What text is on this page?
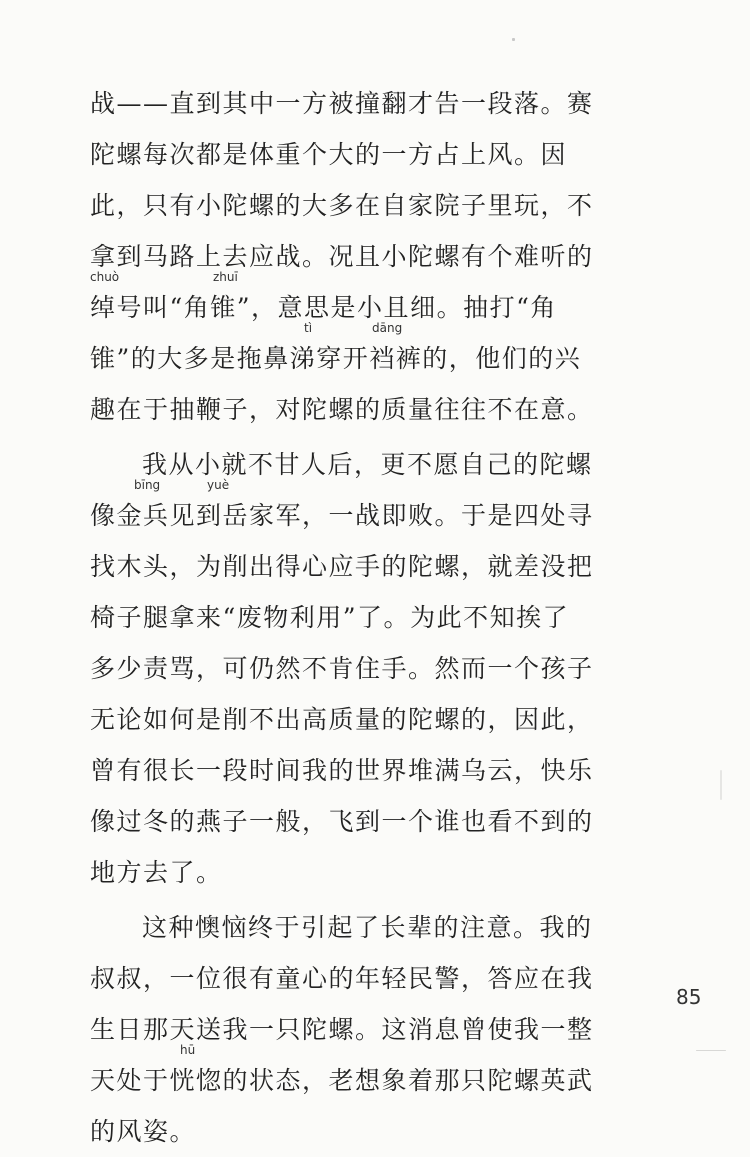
战——直到其中一方被撞翻才告一段落。赛
陀螺每次都是体重个大的一方占上风。因
此，只有小陀螺的大多在自家院子里玩，不
拿到马路上去应战。况且小陀螺有个难听的
chuò	zhuī
绰号叫“角锥”，意思是小且细。抽打“角
tì	dāng
锥”的大多是拖鼻涕穿开裆裤的，他们的兴
趣在于抽鞭子，对陀螺的质量往往不在意。
我从小就不甘人后，更不愿自己的陀螺
bīng	yuè
像金兵见到岳家军，一战即败。于是四处寻
找木头，为削出得心应手的陀螺，就差没把
椅子腿拿来“废物利用”了。为此不知挨了
多少责骂，可仍然不肯住手。然而一个孩子
无论如何是削不出高质量的陀螺的，因此，
曾有很长一段时间我的世界堆满乌云，快乐
像过冬的燕子一般，飞到一个谁也看不到的
地方去了。
这种懊恼终于引起了长辈的注意。我的
叔叔，一位很有童心的年轻民警，答应在我
生日那天送我一只陀螺。这消息曾使我一整
hū
天处于恍惚的状态，老想象着那只陀螺英武
的风姿。
85
